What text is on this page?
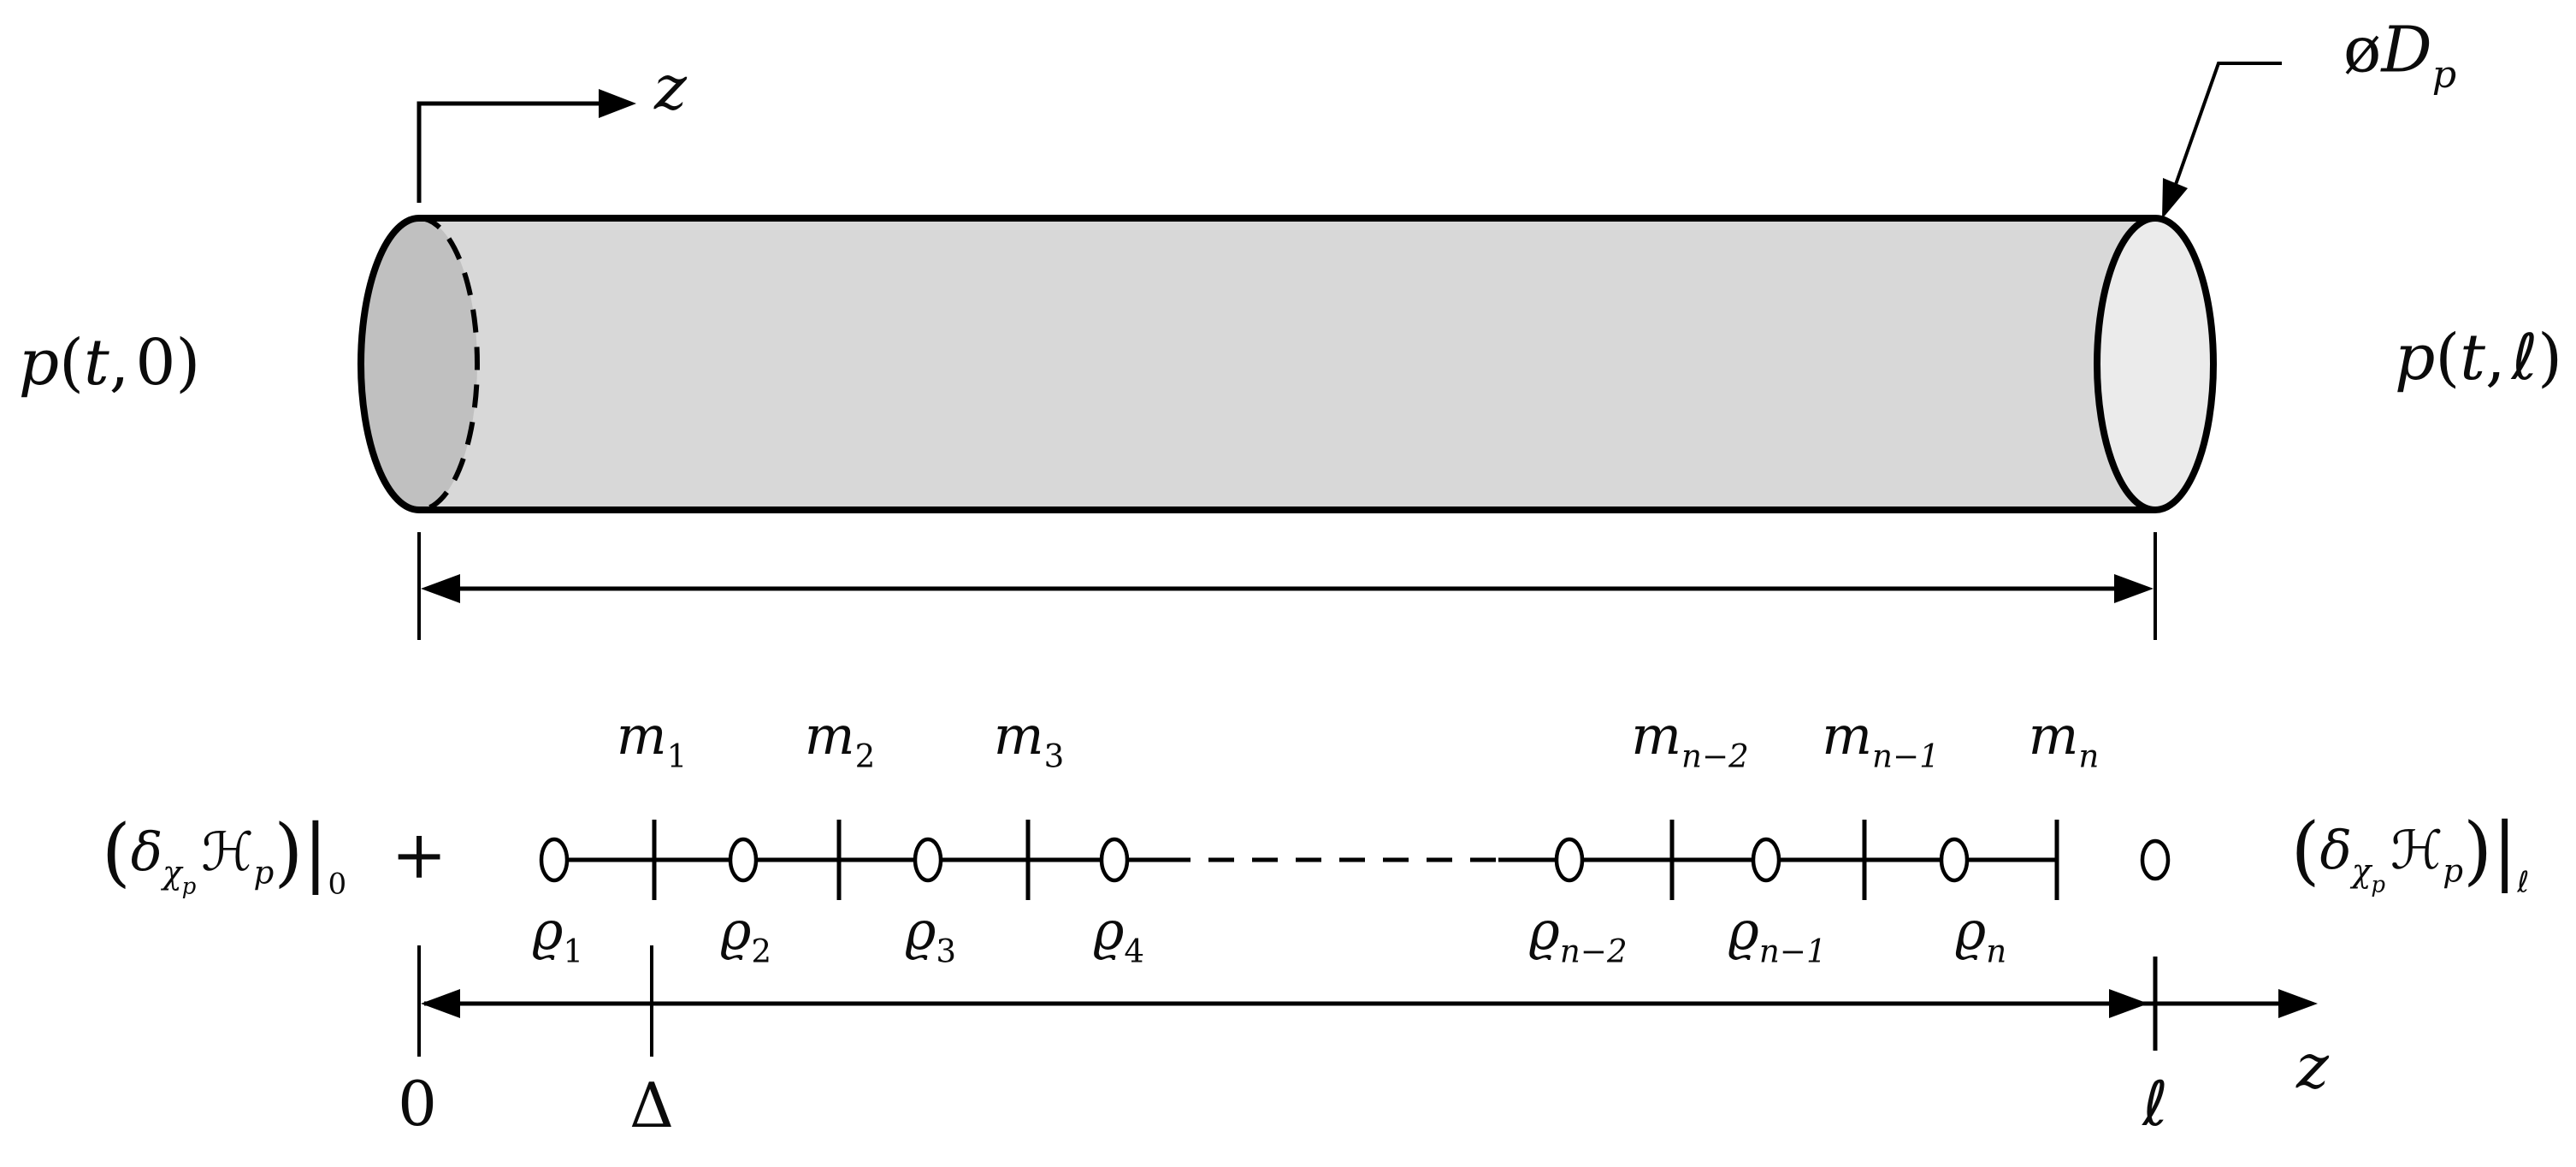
p(t, 0)	p(t, ℓ)
$øD_p$
z
z
($\delta_{\chi p}$ $ℋ_p)|_0$ +	($\delta_{\chi p}$ $ℋ_p)|_\ell$
$m_1$ $m_2$ $m_3$	$m_{n-2}$ $m_{n-1}$ $m_n$
$ϱ_1$	$ϱ_2$	$ϱ_3$	$ϱ_4$	$ϱ_{n-2}$ $ϱ_{n-1}$ $ϱ_n$
0	Δ	ℓ
